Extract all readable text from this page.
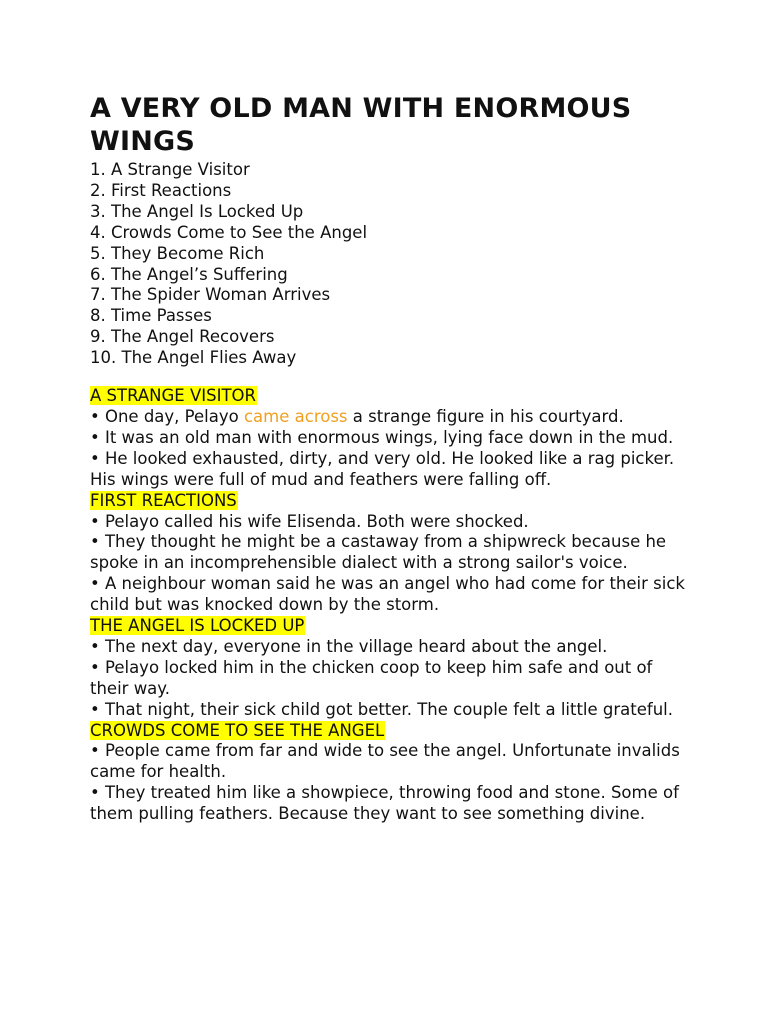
A VERY OLD MAN WITH ENORMOUS WINGS
1. A Strange Visitor
2. First Reactions
3. The Angel Is Locked Up
4. Crowds Come to See the Angel
5. They Become Rich
6. The Angel’s Suffering
7. The Spider Woman Arrives
8. Time Passes
9. The Angel Recovers
10. The Angel Flies Away
A STRANGE VISITOR

• One day, Pelayo came across a strange figure in his courtyard.

• It was an old man with enormous wings, lying face down in the mud.

• He looked exhausted, dirty, and very old. He looked like a rag picker. His wings were full of mud and feathers were falling off.

FIRST REACTIONS

• Pelayo called his wife Elisenda. Both were shocked.

• They thought he might be a castaway from a shipwreck because he spoke in an incomprehensible dialect with a strong sailor's voice.

• A neighbour woman said he was an angel who had come for their sick child but was knocked down by the storm.

THE ANGEL IS LOCKED UP

• The next day, everyone in the village heard about the angel.

• Pelayo locked him in the chicken coop to keep him safe and out of their way.

• That night, their sick child got better. The couple felt a little grateful.

CROWDS COME TO SEE THE ANGEL

• People came from far and wide to see the angel. Unfortunate invalids came for health.

• They treated him like a showpiece, throwing food and stone. Some of them pulling feathers. Because they want to see something divine.
